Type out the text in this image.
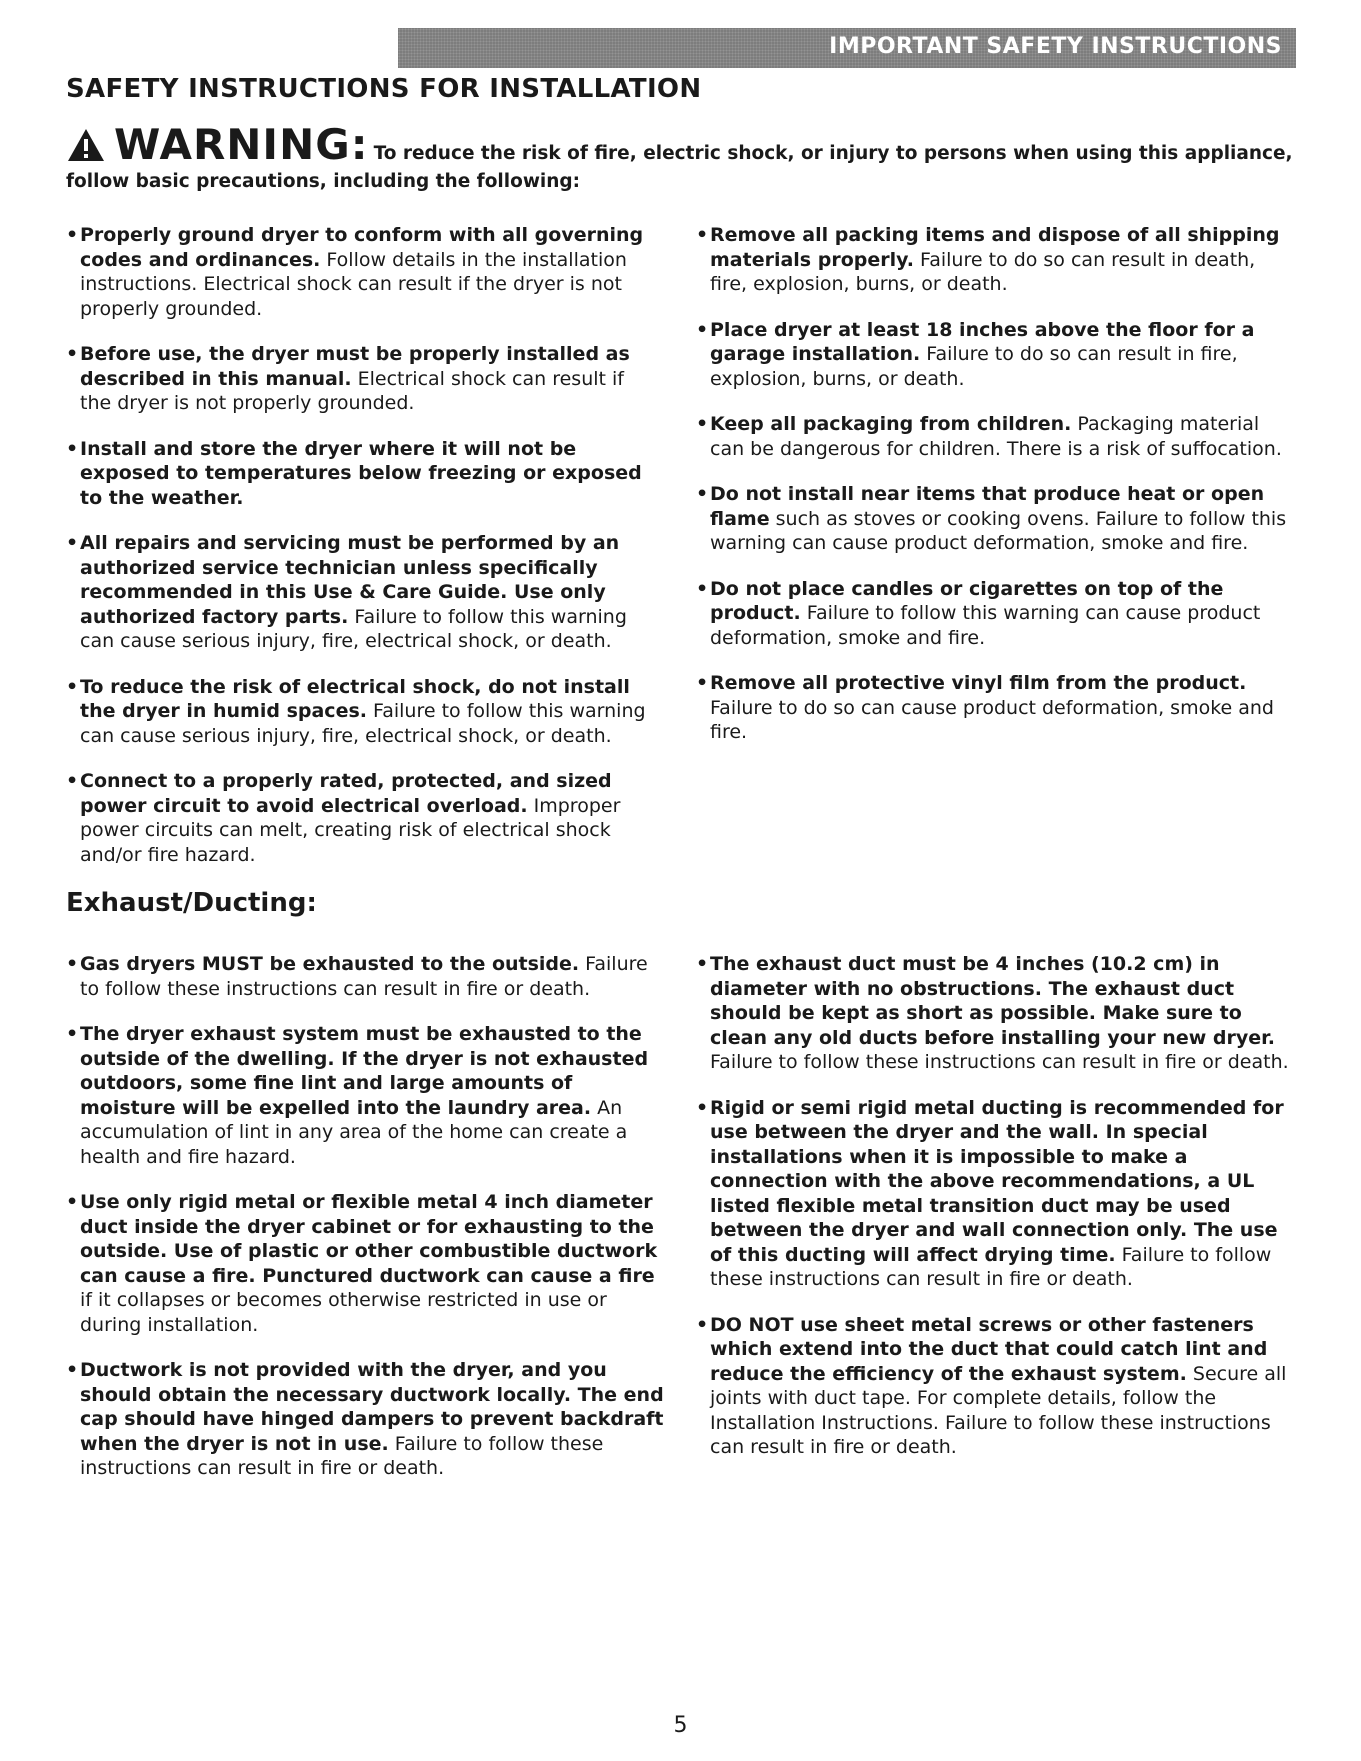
IMPORTANT SAFETY INSTRUCTIONS
SAFETY INSTRUCTIONS FOR INSTALLATION
WARNING: To reduce the risk of fire, electric shock, or injury to persons when using this appliance,
follow basic precautions, including the following:
• Properly ground dryer to conform with all governing codes and ordinances. Follow details in the installation instructions. Electrical shock can result if the dryer is not properly grounded.
• Before use, the dryer must be properly installed as described in this manual. Electrical shock can result if the dryer is not properly grounded.
• Install and store the dryer where it will not be exposed to temperatures below freezing or exposed to the weather.
• All repairs and servicing must be performed by an authorized service technician unless specifically recommended in this Use & Care Guide. Use only authorized factory parts. Failure to follow this warning can cause serious injury, fire, electrical shock, or death.
• To reduce the risk of electrical shock, do not install the dryer in humid spaces. Failure to follow this warning can cause serious injury, fire, electrical shock, or death.
• Connect to a properly rated, protected, and sized power circuit to avoid electrical overload. Improper power circuits can melt, creating risk of electrical shock and/or fire hazard.
• Remove all packing items and dispose of all shipping materials properly. Failure to do so can result in death, fire, explosion, burns, or death.
• Place dryer at least 18 inches above the floor for a garage installation. Failure to do so can result in fire, explosion, burns, or death.
• Keep all packaging from children. Packaging material can be dangerous for children. There is a risk of suffocation.
• Do not install near items that produce heat or open flame such as stoves or cooking ovens. Failure to follow this warning can cause product deformation, smoke and fire.
• Do not place candles or cigarettes on top of the product. Failure to follow this warning can cause product deformation, smoke and fire.
• Remove all protective vinyl film from the product. Failure to do so can cause product deformation, smoke and fire.
Exhaust/Ducting:
• Gas dryers MUST be exhausted to the outside. Failure to follow these instructions can result in fire or death.
• The dryer exhaust system must be exhausted to the outside of the dwelling. If the dryer is not exhausted outdoors, some fine lint and large amounts of moisture will be expelled into the laundry area. An accumulation of lint in any area of the home can create a health and fire hazard.
• Use only rigid metal or flexible metal 4 inch diameter duct inside the dryer cabinet or for exhausting to the outside. Use of plastic or other combustible ductwork can cause a fire. Punctured ductwork can cause a fire if it collapses or becomes otherwise restricted in use or during installation.
• Ductwork is not provided with the dryer, and you should obtain the necessary ductwork locally. The end cap should have hinged dampers to prevent backdraft when the dryer is not in use. Failure to follow these instructions can result in fire or death.
• The exhaust duct must be 4 inches (10.2 cm) in diameter with no obstructions. The exhaust duct should be kept as short as possible. Make sure to clean any old ducts before installing your new dryer. Failure to follow these instructions can result in fire or death.
• Rigid or semi rigid metal ducting is recommended for use between the dryer and the wall. In special installations when it is impossible to make a connection with the above recommendations, a UL listed flexible metal transition duct may be used between the dryer and wall connection only. The use of this ducting will affect drying time. Failure to follow these instructions can result in fire or death.
• DO NOT use sheet metal screws or other fasteners which extend into the duct that could catch lint and reduce the efficiency of the exhaust system. Secure all joints with duct tape. For complete details, follow the Installation Instructions. Failure to follow these instructions can result in fire or death.
5
